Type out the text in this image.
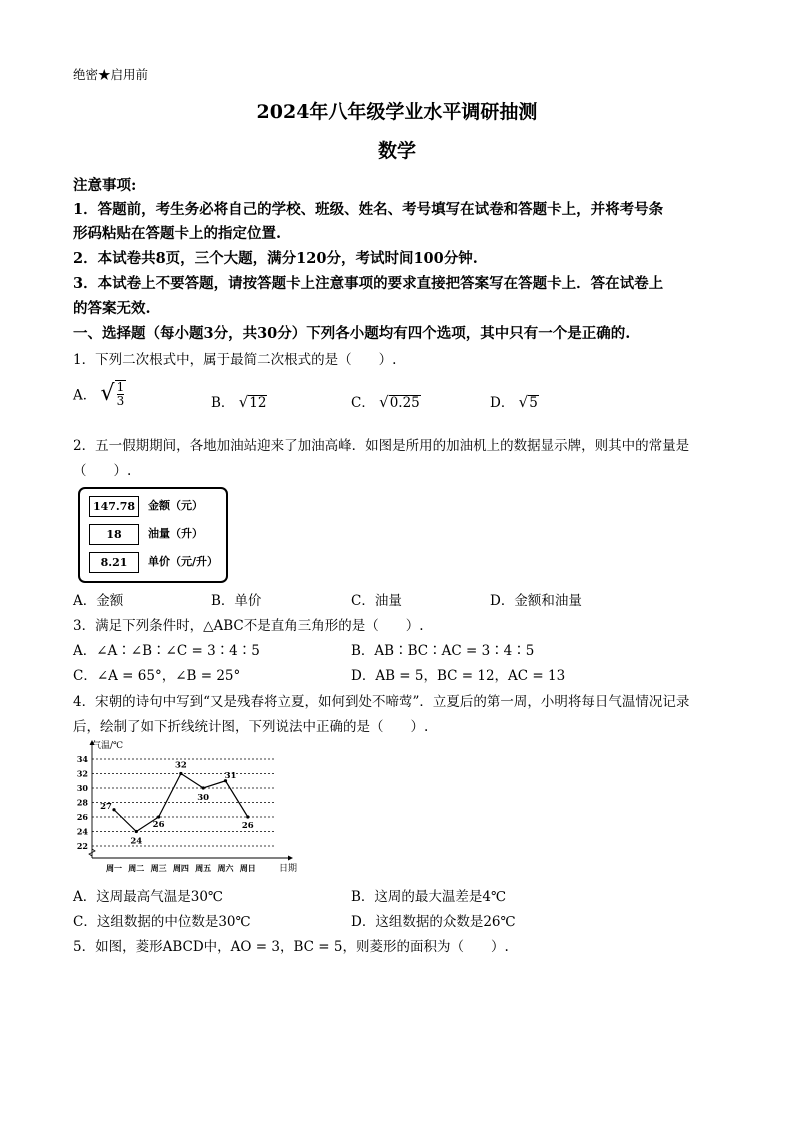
绝密★启用前
2024年八年级学业水平调研抽测
数学
注意事项:
1．答题前，考生务必将自己的学校、班级、姓名、考号填写在试卷和答题卡上，并将考号条
形码粘贴在答题卡上的指定位置.
2．本试卷共8页，三个大题，满分120分，考试时间100分钟.
3．本试卷上不要答题，请按答题卡上注意事项的要求直接把答案写在答题卡上．答在试卷上
的答案无效.
一、选择题（每小题3分，共30分）下列各小题均有四个选项，其中只有一个是正确的.
1．下列二次根式中，属于最简二次根式的是（　　）.
A． √ $\frac{1}{3}$	B． √12	C． √0.25	D． √5
2．五一假期期间，各地加油站迎来了加油高峰．如图是所用的加油机上的数据显示牌，则其中的常量是
（　　）.
147.78	金额（元）
18	油量（升）
8.21	单价（元/升）
A．金额	B．单价	C．油量	D．金额和油量
3．满足下列条件时，△ABC不是直角三角形的是（　　）.
A．∠A∶∠B∶∠C = 3∶4∶5	B．AB∶BC∶AC = 3∶4∶5
C．∠A = 65°，∠B = 25°	D．AB = 5，BC = 12，AC = 13
4．宋朝的诗句中写到“又是残春将立夏，如何到处不啼莺”．立夏后的第一周，小明将每日气温情况记录
后，绘制了如下折线统计图，下列说法中正确的是（　　）.
22
24
26
28
30
32
34
周一 周二 周三 周四 周五 周六 周日
27
24
26
32
30
31
26
气温/℃
日期
A．这周最高气温是30℃	B．这周的最大温差是4℃
C．这组数据的中位数是30℃	D．这组数据的众数是26℃
5．如图，菱形ABCD中，AO = 3，BC = 5，则菱形的面积为（　　）.
